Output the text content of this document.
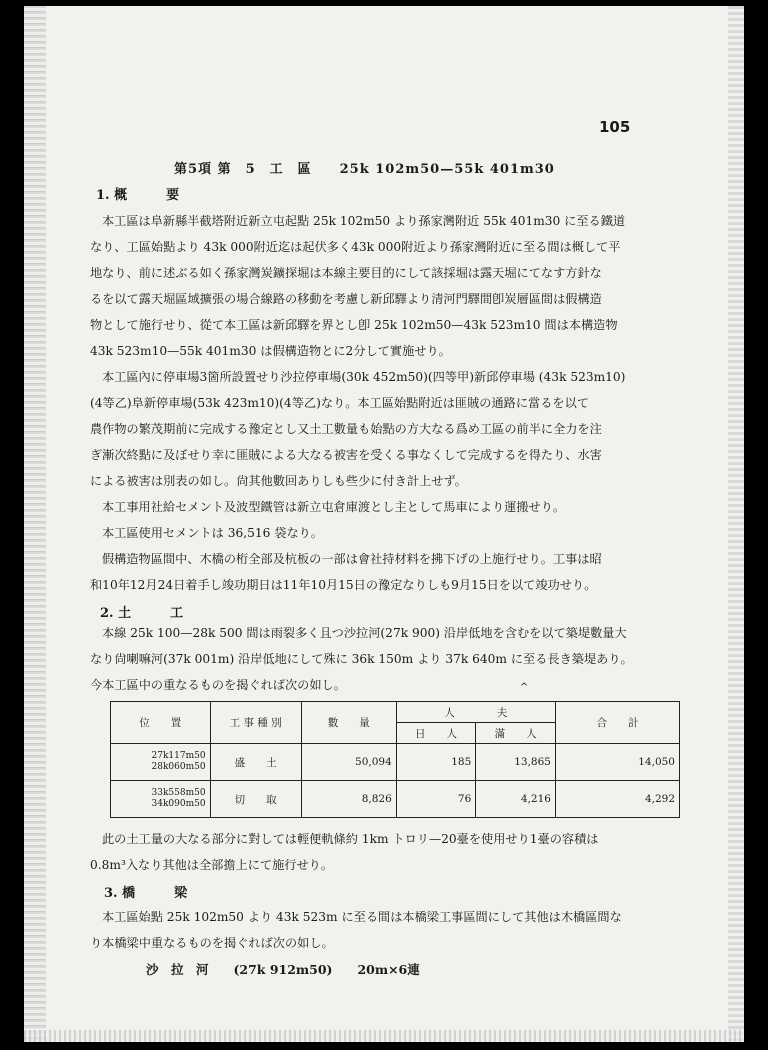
105
第5項 第　5　工　區　　25k 102m50—55k 401m30
1. 概　　　要
本工區は阜新縣半截塔附近新立屯起點 25k 102m50 より孫家灣附近 55k 401m30 に至る鐵道
なり、工區始點より 43k 000附近迄は起伏多く43k 000附近より孫家灣附近に至る間は概して平
地なり、前に述ぶる如く孫家灣炭鑛探堀は本線主要目的にして該採堀は露天堀にてなす方針な
るを以て露天堀區域擴張の場合線路の移動を考慮し新邱驛より清河門驛間卽炭層區間は假構造
物として施行せり、從て本工區は新邱驛を界とし卽 25k 102m50—43k 523m10 間は本構造物
43k 523m10—55k 401m30 は假構造物とに2分して實施せり。
本工區內に停車場3箇所設置せり沙拉停車場(30k 452m50)(四等甲)新邱停車場 (43k 523m10)
(4等乙)阜新停車場(53k 423m10)(4等乙)なり。本工區始點附近は匪賊の通路に當るを以て
農作物の繁茂期前に完成する豫定とし又土工數量も始點の方大なる爲め工區の前半に全力を注
ぎ漸次終點に及ぼせり幸に匪賊による大なる被害を受くる事なくして完成するを得たり、水害
による被害は別表の如し。尙其他數回ありしも些少に付き計上せず。
本工事用社給セメント及波型鐵管は新立屯倉庫渡とし主として馬車により運搬せり。
本工區使用セメントは 36,516 袋なり。
假構造物區間中、木橋の桁全部及杭板の一部は會社持材料を拂下げの上施行せり。工事は昭
和10年12月24日着手し竣功期日は11年10月15日の豫定なりしも9月15日を以て竣功せり。
2. 土　　　工
本線 25k 100—28k 500 間は雨裂多く且つ沙拉河(27k 900) 沿岸低地を含むを以て築堤數量大
なり尙喇嘛河(37k 001m) 沿岸低地にして殊に 36k 150m より 37k 640m に至る長き築堤あり。
今本工區中の重なるものを揭ぐれば次の如し。	^
位　　置	工 事 種 別	數　　量	人　　　　夫		合　　計
			日　　人	滿　　人	

27k117m50
28k060m50	盛　　土	50,094	185	13,865	14,050

33k558m50
34k090m50	切　　取	8,826	76	4,216	4,292
此の土工量の大なる部分に對しては輕便軌條約 1km トロリ—20臺を使用せり1臺の容積は
0.8m³入なり其他は全部擔上にて施行せり。
3. 橋　　　梁
本工區始點 25k 102m50 より 43k 523m に至る間は本橋梁工事區間にして其他は木橋區間な
り本橋梁中重なるものを揭ぐれば次の如し。
沙　拉　河　　(27k 912m50)　　20m×6連
